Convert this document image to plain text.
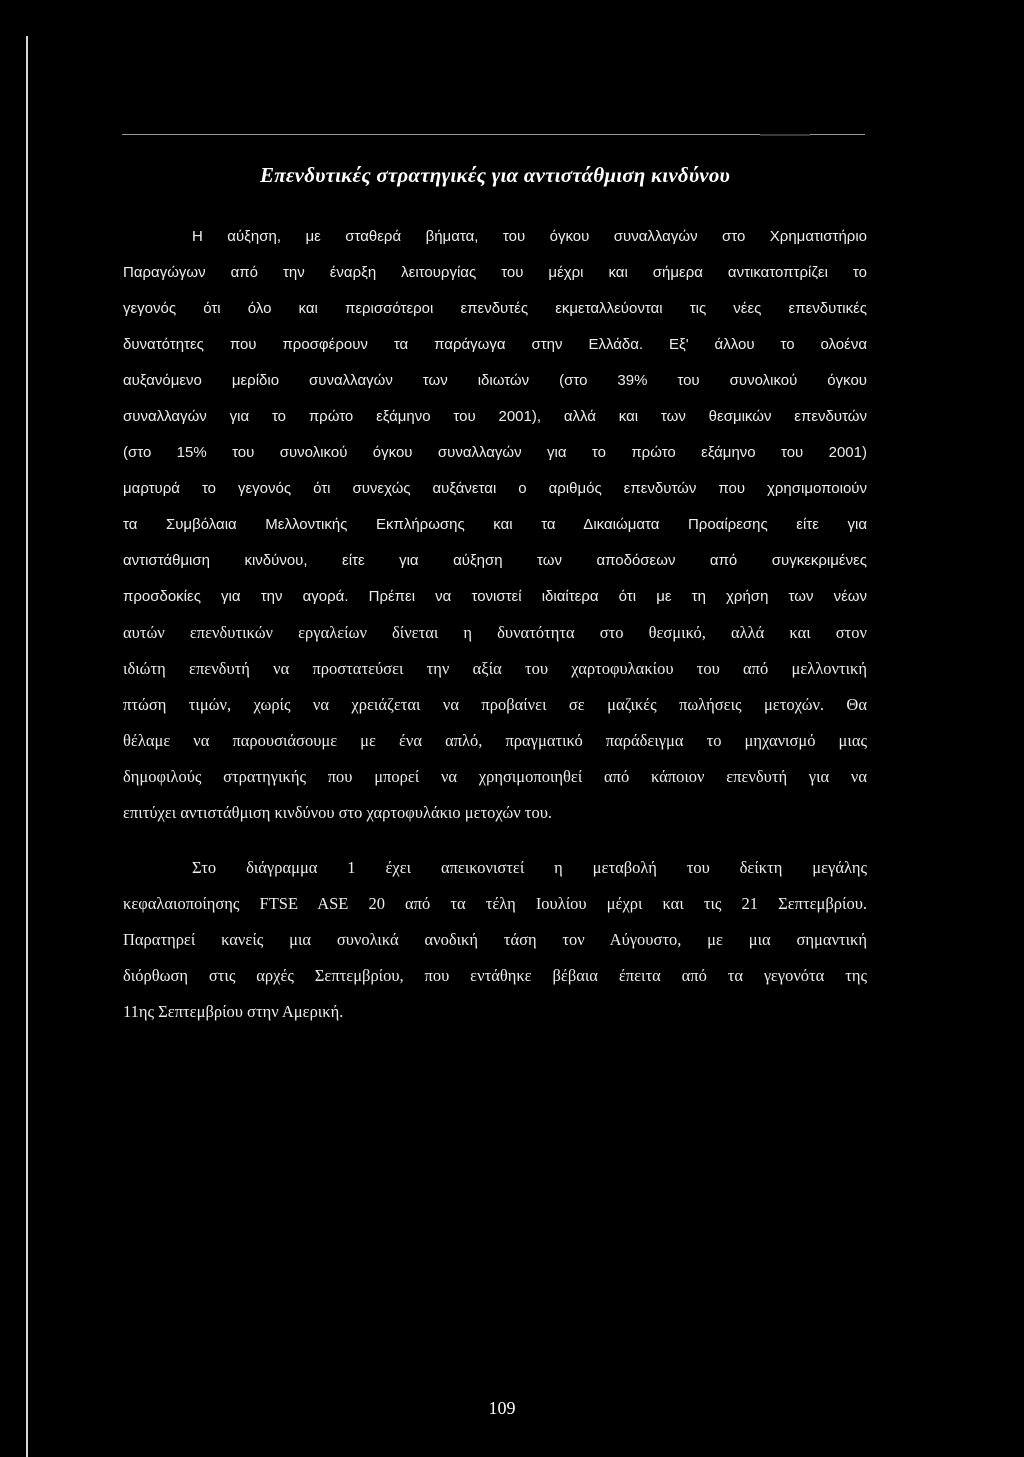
Επενδυτικές στρατηγικές για αντιστάθμιση κινδύνου
Η αύξηση, με σταθερά βήματα, του όγκου συναλλαγών στο Χρηματιστήριο
Παραγώγων από την έναρξη λειτουργίας του μέχρι και σήμερα αντικατοπτρίζει το
γεγονός ότι όλο και περισσότεροι επενδυτές εκμεταλλεύονται τις νέες επενδυτικές
δυνατότητες που προσφέρουν τα παράγωγα στην Ελλάδα. Εξ' άλλου το ολοένα
αυξανόμενο μερίδιο συναλλαγών των ιδιωτών (στο 39% του συνολικού όγκου
συναλλαγών για το πρώτο εξάμηνο του 2001), αλλά και των θεσμικών επενδυτών
(στο 15% του συνολικού όγκου συναλλαγών για το πρώτο εξάμηνο του 2001)
μαρτυρά το γεγονός ότι συνεχώς αυξάνεται ο αριθμός επενδυτών που χρησιμοποιούν
τα Συμβόλαια Μελλοντικής Εκπλήρωσης και τα Δικαιώματα Προαίρεσης είτε για
αντιστάθμιση κινδύνου, είτε για αύξηση των αποδόσεων από συγκεκριμένες
προσδοκίες για την αγορά. Πρέπει να τονιστεί ιδιαίτερα ότι με τη χρήση των νέων
αυτών επενδυτικών εργαλείων δίνεται η δυνατότητα στο θεσμικό, αλλά και στον
ιδιώτη επενδυτή να προστατεύσει την αξία του χαρτοφυλακίου του από μελλοντική
πτώση τιμών, χωρίς να χρειάζεται να προβαίνει σε μαζικές πωλήσεις μετοχών. Θα
θέλαμε να παρουσιάσουμε με ένα απλό, πραγματικό παράδειγμα το μηχανισμό μιας
δημοφιλούς στρατηγικής που μπορεί να χρησιμοποιηθεί από κάποιον επενδυτή για να
επιτύχει αντιστάθμιση κινδύνου στο χαρτοφυλάκιο μετοχών του.
Στο διάγραμμα 1 έχει απεικονιστεί η μεταβολή του δείκτη μεγάλης
κεφαλαιοποίησης FTSE ASE 20 από τα τέλη Ιουλίου μέχρι και τις 21 Σεπτεμβρίου.
Παρατηρεί κανείς μια συνολικά ανοδική τάση τον Αύγουστο, με μια σημαντική
διόρθωση στις αρχές Σεπτεμβρίου, που εντάθηκε βέβαια έπειτα από τα γεγονότα της
11ης Σεπτεμβρίου στην Αμερική.

109
